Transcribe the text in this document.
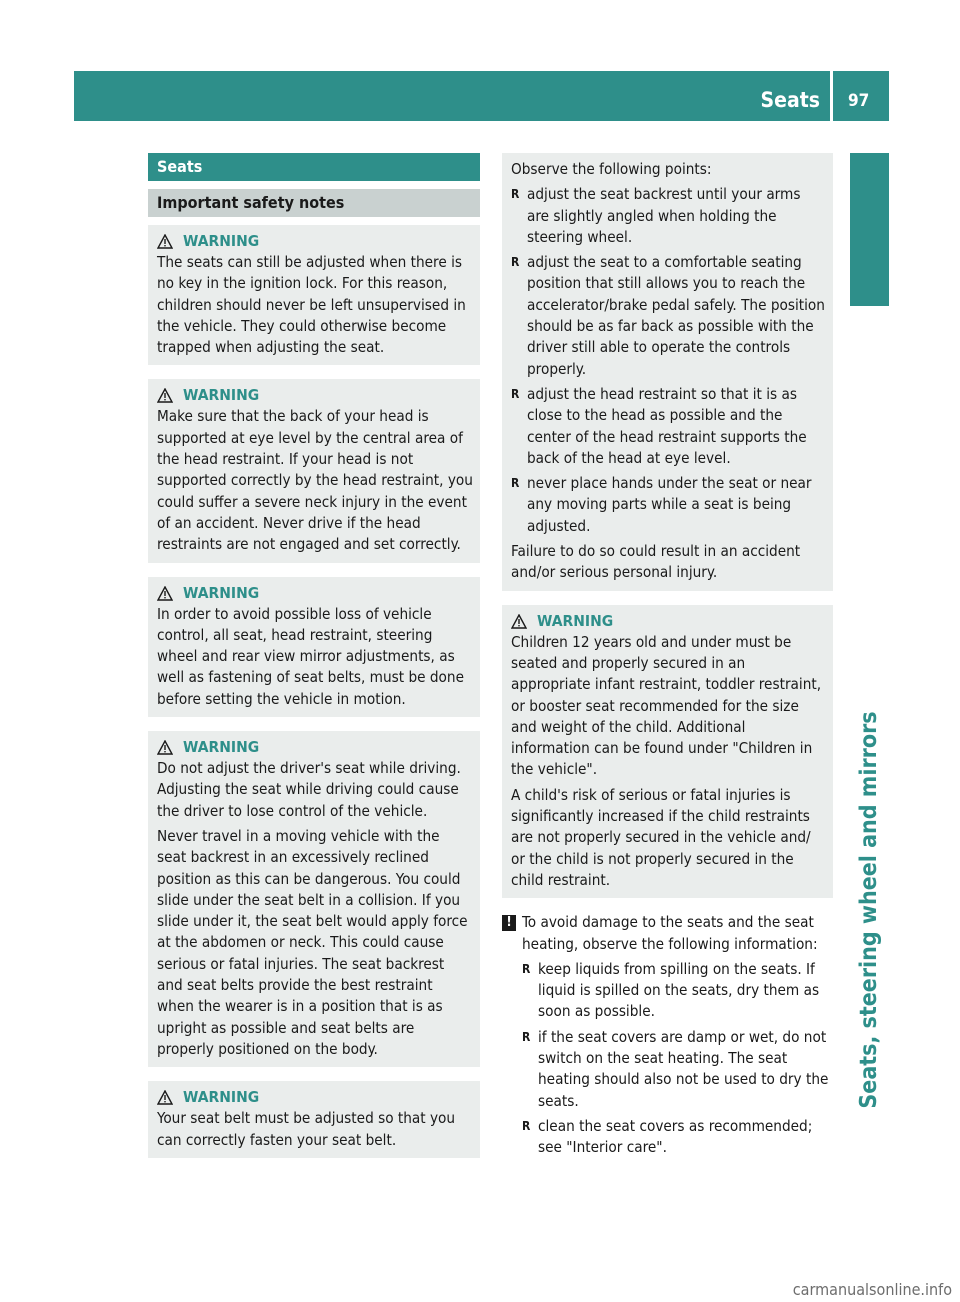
Seats 97
Seats, steering wheel and mirrors
Seats
Important safety notes
WARNING

The seats can still be adjusted when there is no key in the ignition lock. For this reason, children should never be left unsupervised in the vehicle. They could otherwise become trapped when adjusting the seat.

WARNING

Make sure that the back of your head is supported at eye level by the central area of the head restraint. If your head is not supported correctly by the head restraint, you could suffer a severe neck injury in the event of an accident. Never drive if the head restraints are not engaged and set correctly.

WARNING

In order to avoid possible loss of vehicle control, all seat, head restraint, steering wheel and rear view mirror adjustments, as well as fastening of seat belts, must be done before setting the vehicle in motion.

WARNING

Do not adjust the driver's seat while driving. Adjusting the seat while driving could cause the driver to lose control of the vehicle.

Never travel in a moving vehicle with the seat backrest in an excessively reclined position as this can be dangerous. You could slide under the seat belt in a collision. If you slide under it, the seat belt would apply force at the abdomen or neck. This could cause serious or fatal injuries. The seat backrest and seat belts provide the best restraint when the wearer is in a position that is as upright as possible and seat belts are properly positioned on the body.

WARNING

Your seat belt must be adjusted so that you can correctly fasten your seat belt.

Observe the following points:

R adjust the seat backrest until your arms are slightly angled when holding the steering wheel.
R adjust the seat to a comfortable seating position that still allows you to reach the accelerator/brake pedal safely. The position should be as far back as possible with the driver still able to operate the controls properly.
R adjust the head restraint so that it is as close to the head as possible and the center of the head restraint supports the back of the head at eye level.
R never place hands under the seat or near any moving parts while a seat is being adjusted.

Failure to do so could result in an accident and/or serious personal injury.

WARNING

Children 12 years old and under must be seated and properly secured in an appropriate infant restraint, toddler restraint, or booster seat recommended for the size and weight of the child. Additional information can be found under "Children in the vehicle".

A child's risk of serious or fatal injuries is significantly increased if the child restraints are not properly secured in the vehicle and/ or the child is not properly secured in the child restraint.

! To avoid damage to the seats and the seat heating, observe the following information:
R keep liquids from spilling on the seats. If liquid is spilled on the seats, dry them as soon as possible.
R if the seat covers are damp or wet, do not switch on the seat heating. The seat heating should also not be used to dry the seats.
R clean the seat covers as recommended; see "Interior care".
carmanualsonline.info
